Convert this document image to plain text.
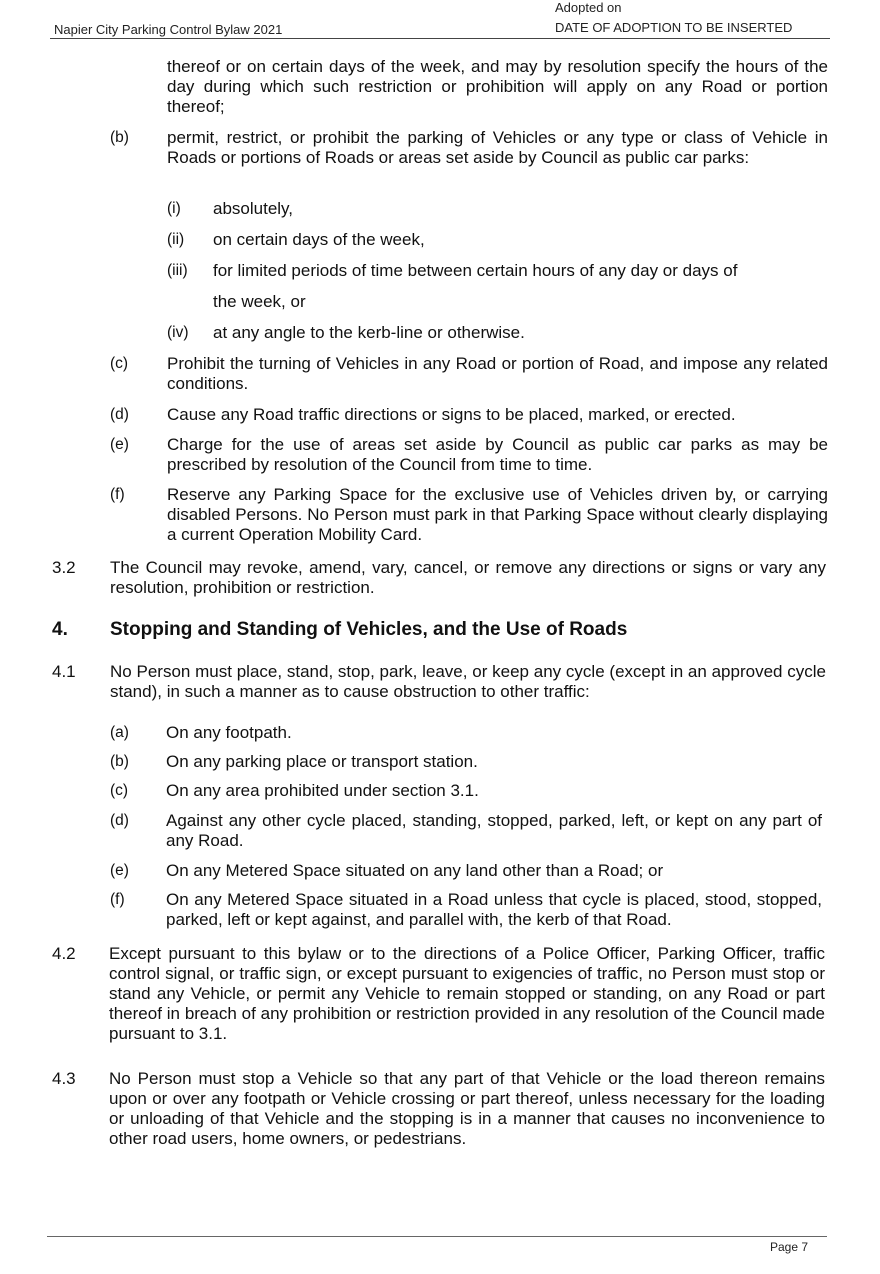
Napier City Parking Control Bylaw 2021
Adopted on
DATE OF ADOPTION TO BE INSERTED
thereof or on certain days of the week, and may by resolution specify the hours of the day during which such restriction or prohibition will apply on any Road or portion thereof;
(b) permit, restrict, or prohibit the parking of Vehicles or any type or class of Vehicle in Roads or portions of Roads or areas set aside by Council as public car parks:
(i) absolutely,
(ii) on certain days of the week,
(iii) for limited periods of time between certain hours of any day or days of
the week, or
(iv) at any angle to the kerb-line or otherwise.
(c) Prohibit the turning of Vehicles in any Road or portion of Road, and impose any related conditions.
(d) Cause any Road traffic directions or signs to be placed, marked, or erected.
(e) Charge for the use of areas set aside by Council as public car parks as may be prescribed by resolution of the Council from time to time.
(f) Reserve any Parking Space for the exclusive use of Vehicles driven by, or carrying disabled Persons. No Person must park in that Parking Space without clearly displaying a current Operation Mobility Card.
3.2 The Council may revoke, amend, vary, cancel, or remove any directions or signs or vary any resolution, prohibition or restriction.
4. Stopping and Standing of Vehicles, and the Use of Roads
4.1 No Person must place, stand, stop, park, leave, or keep any cycle (except in an approved cycle stand), in such a manner as to cause obstruction to other traffic:
(a) On any footpath.
(b) On any parking place or transport station.
(c) On any area prohibited under section 3.1.
(d) Against any other cycle placed, standing, stopped, parked, left, or kept on any part of any Road.
(e) On any Metered Space situated on any land other than a Road; or
(f) On any Metered Space situated in a Road unless that cycle is placed, stood, stopped, parked, left or kept against, and parallel with, the kerb of that Road.
4.2 Except pursuant to this bylaw or to the directions of a Police Officer, Parking Officer, traffic control signal, or traffic sign, or except pursuant to exigencies of traffic, no Person must stop or stand any Vehicle, or permit any Vehicle to remain stopped or standing, on any Road or part thereof in breach of any prohibition or restriction provided in any resolution of the Council made pursuant to 3.1.
4.3 No Person must stop a Vehicle so that any part of that Vehicle or the load thereon remains upon or over any footpath or Vehicle crossing or part thereof, unless necessary for the loading or unloading of that Vehicle and the stopping is in a manner that causes no inconvenience to other road users, home owners, or pedestrians.
Page 7
